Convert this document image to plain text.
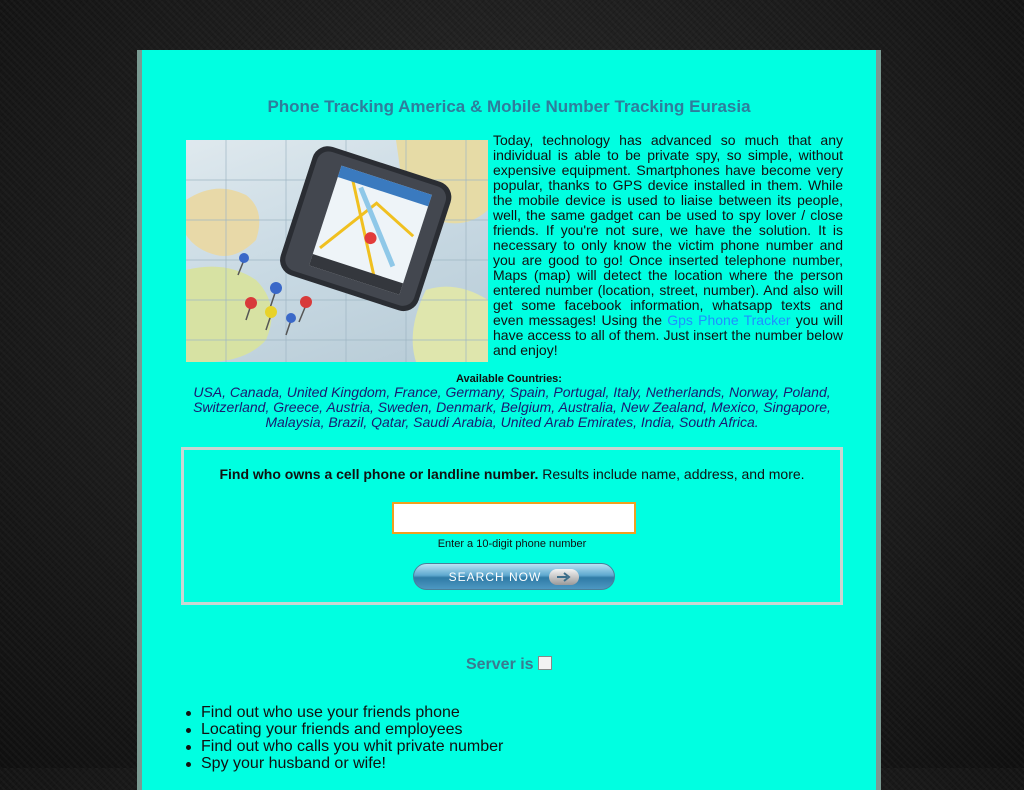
Phone Tracking America & Mobile Number Tracking Eurasia
Today, technology has advanced so much that any individual is able to be private spy, so simple, without expensive equipment. Smartphones have become very popular, thanks to GPS device installed in them. While the mobile device is used to liaise between its people, well, the same gadget can be used to spy lover / close friends. If you're not sure, we have the solution. It is necessary to only know the victim phone number and you are good to go! Once inserted telephone number, Maps (map) will detect the location where the person entered number (location, street, number). And also will get some facebook information, whatsapp texts and even messages! Using the Gps Phone Tracker you will have access to all of them. Just insert the number below and enjoy!
Available Countries:
USA, Canada, United Kingdom, France, Germany, Spain, Portugal, Italy, Netherlands, Norway, Poland, Switzerland, Greece, Austria, Sweden, Denmark, Belgium, Australia, New Zealand, Mexico, Singapore, Malaysia, Brazil, Qatar, Saudi Arabia, United Arab Emirates, India, South Africa.
Find who owns a cell phone or landline number. Results include name, address, and more.
Enter a 10-digit phone number
SEARCH NOW
Server is
Find out who use your friends phone
Locating your friends and employees
Find out who calls you whit private number
Spy your husband or wife!
